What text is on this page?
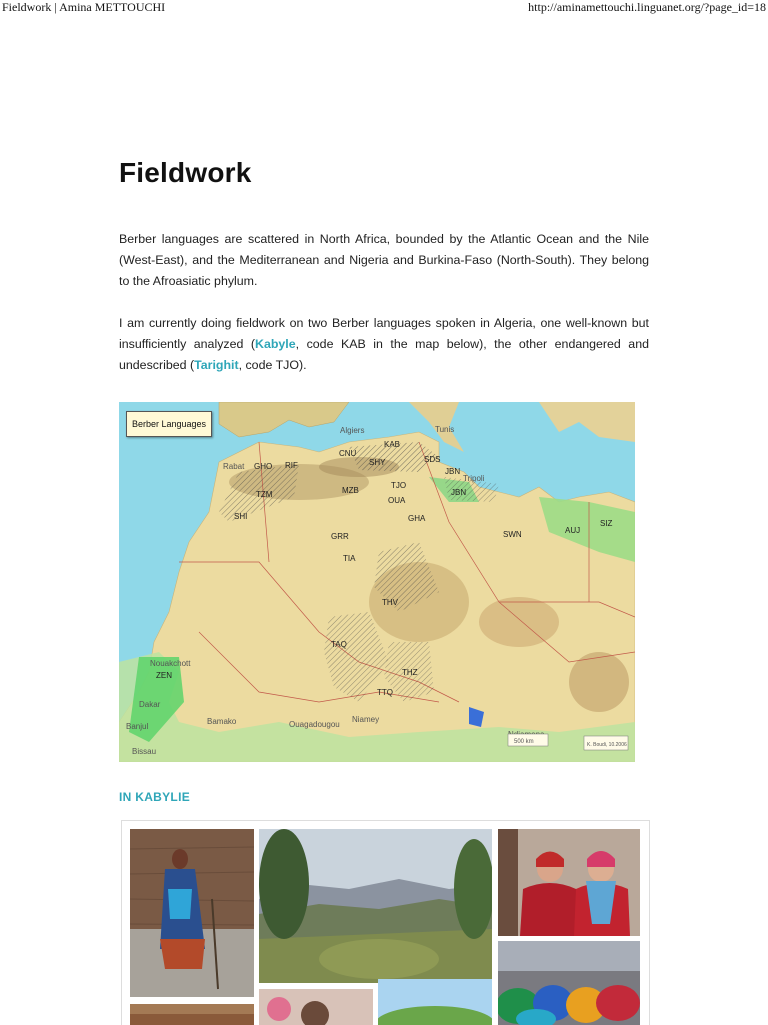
Fieldwork | Amina METTOUCHI	http://aminamettouchi.linguanet.org/?page_id=18
Fieldwork

Berber languages are scattered in North Africa, bounded by the Atlantic Ocean and the Nile (West-East), and the Mediterranean and Nigeria and Burkina-Faso (North-South). They belong to the Afroasiatic phylum.

I am currently doing fieldwork on two Berber languages spoken in Algeria, one well-known but insufficiently analyzed (Kabyle, code KAB in the map below), the other endangered and undescribed (Tarighit, code TJO).

KAB
CNU
SHY	SDS
JBN
GHO RIF
TZM	MZB
TJO
OUA
JBN
SHI	GHA
SWN	AUJ
SIZ
GRR
TIA
THV
TAQ
THZ
TTQ
ZEN
Algiers	Tunis
Rabat
Tripoli
Nouakchott
Dakar
Banjul
Bissau
Bamako	Ouagadougou
Niamey
500 km	K. Boudi, 10.2006
Berber Languages
IN KABYLIE
